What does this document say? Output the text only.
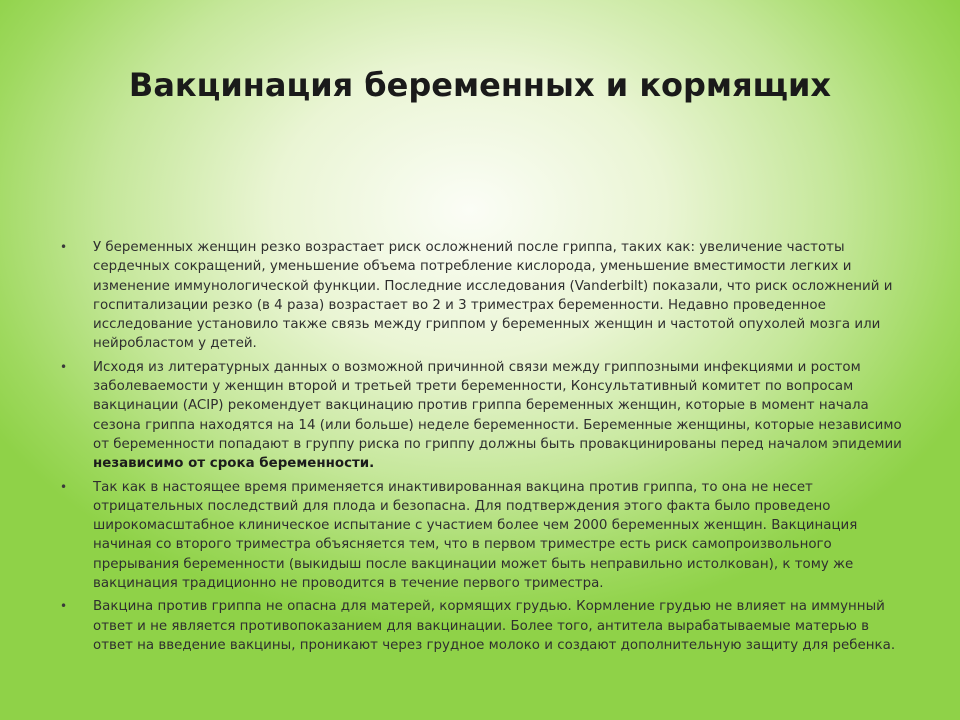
Вакцинация беременных и кормящих

• У беременных женщин резко возрастает риск осложнений после гриппа, таких как: увеличение частоты сердечных сокращений, уменьшение объема потребление кислорода, уменьшение вместимости легких и изменение иммунологической функции. Последние исследования (Vanderbilt) показали, что риск осложнений и госпитализации резко (в 4 раза) возрастает во 2 и 3 триместрах беременности. Недавно проведенное исследование установило также связь между гриппом у беременных женщин и частотой опухолей мозга или нейробластом у детей.

• Исходя из литературных данных о возможной причинной связи между гриппозными инфекциями и ростом заболеваемости у женщин второй и третьей трети беременности, Консультативный комитет по вопросам вакцинации (ACIP) рекомендует вакцинацию против гриппа беременных женщин, которые в момент начала сезона гриппа находятся на 14 (или больше) неделе беременности. Беременные женщины, которые независимо от беременности попадают в группу риска по гриппу должны быть провакцинированы перед началом эпидемии независимо от срока беременности.

• Так как в настоящее время применяется инактивированная вакцина против гриппа, то она не несет отрицательных последствий для плода и безопасна. Для подтверждения этого факта было проведено широкомасштабное клиническое испытание с участием более чем 2000 беременных женщин. Вакцинация начиная со второго триместра объясняется тем, что в первом триместре есть риск самопроизвольного прерывания беременности (выкидыш после вакцинации может быть неправильно истолкован), к тому же вакцинация традиционно не проводится в течение первого триместра.

• Вакцина против гриппа не опасна для матерей, кормящих грудью. Кормление грудью не влияет на иммунный ответ и не является противопоказанием для вакцинации. Более того, антитела вырабатываемые матерью в ответ на введение вакцины, проникают через грудное молоко и создают дополнительную защиту для ребенка.
